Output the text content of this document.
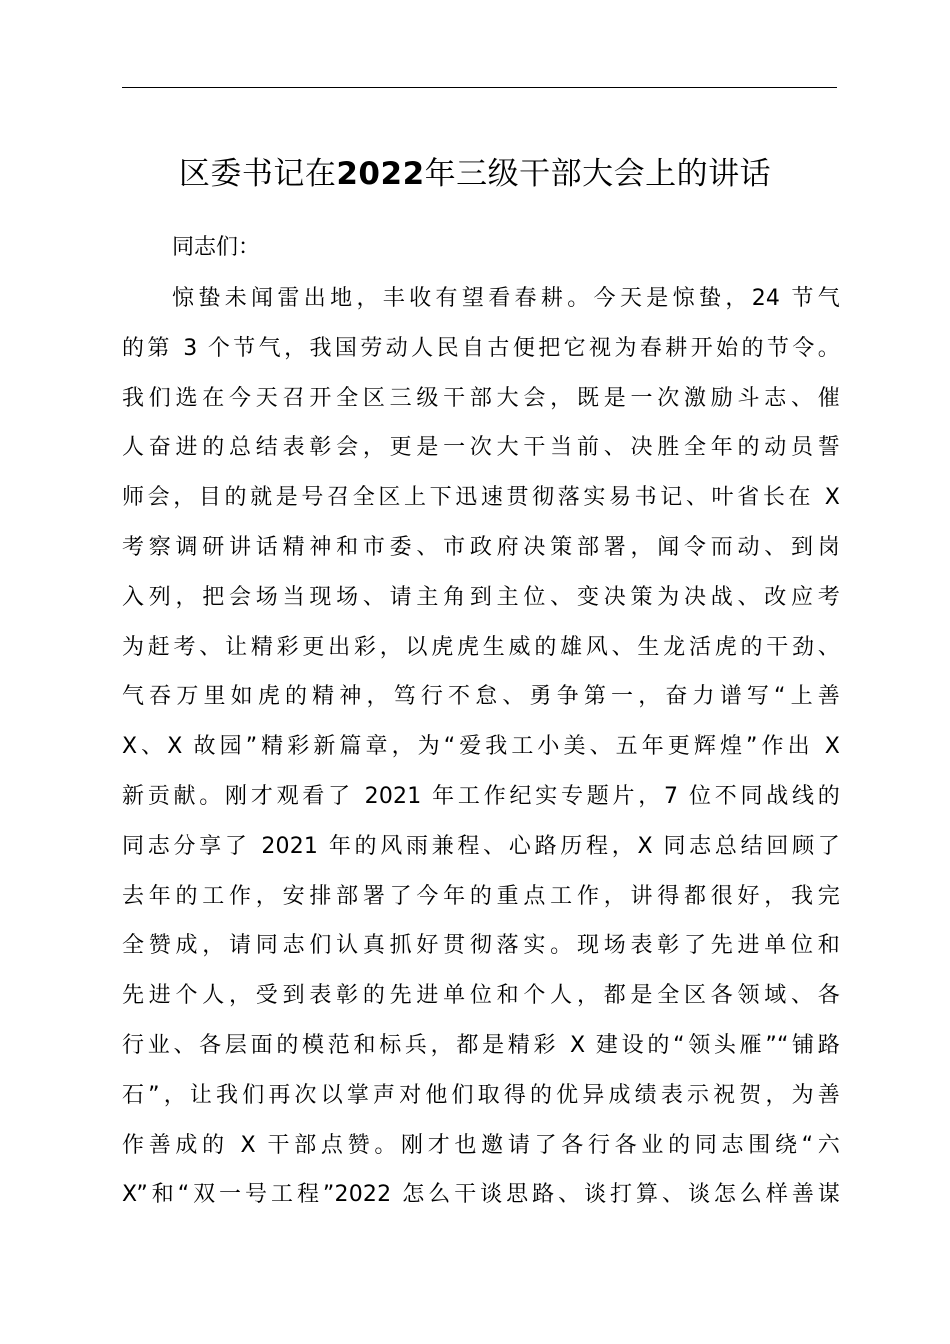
区委书记在2022年三级干部大会上的讲话

同志们：

惊蛰未闻雷出地，丰收有望看春耕。今天是惊蛰，24 节气
的第 3 个节气，我国劳动人民自古便把它视为春耕开始的节令。
我们选在今天召开全区三级干部大会，既是一次激励斗志、催
人奋进的总结表彰会，更是一次大干当前、决胜全年的动员誓
师会，目的就是号召全区上下迅速贯彻落实易书记、叶省长在 X
考察调研讲话精神和市委、市政府决策部署，闻令而动、到岗
入列，把会场当现场、请主角到主位、变决策为决战、改应考
为赶考、让精彩更出彩，以虎虎生威的雄风、生龙活虎的干劲、
气吞万里如虎的精神，笃行不怠、勇争第一，奋力谱写“上善
X、X 故园”精彩新篇章，为“爱我工小美、五年更辉煌”作出 X
新贡献。刚才观看了 2021 年工作纪实专题片，7 位不同战线的
同志分享了 2021 年的风雨兼程、心路历程，X 同志总结回顾了
去年的工作，安排部署了今年的重点工作，讲得都很好，我完
全赞成，请同志们认真抓好贯彻落实。现场表彰了先进单位和
先进个人，受到表彰的先进单位和个人，都是全区各领域、各
行业、各层面的模范和标兵，都是精彩 X 建设的“领头雁”“铺路
石”，让我们再次以掌声对他们取得的优异成绩表示祝贺，为善
作善成的 X 干部点赞。刚才也邀请了各行各业的同志围绕“六
X”和“双一号工程”2022 怎么干谈思路、谈打算、谈怎么样善谋
